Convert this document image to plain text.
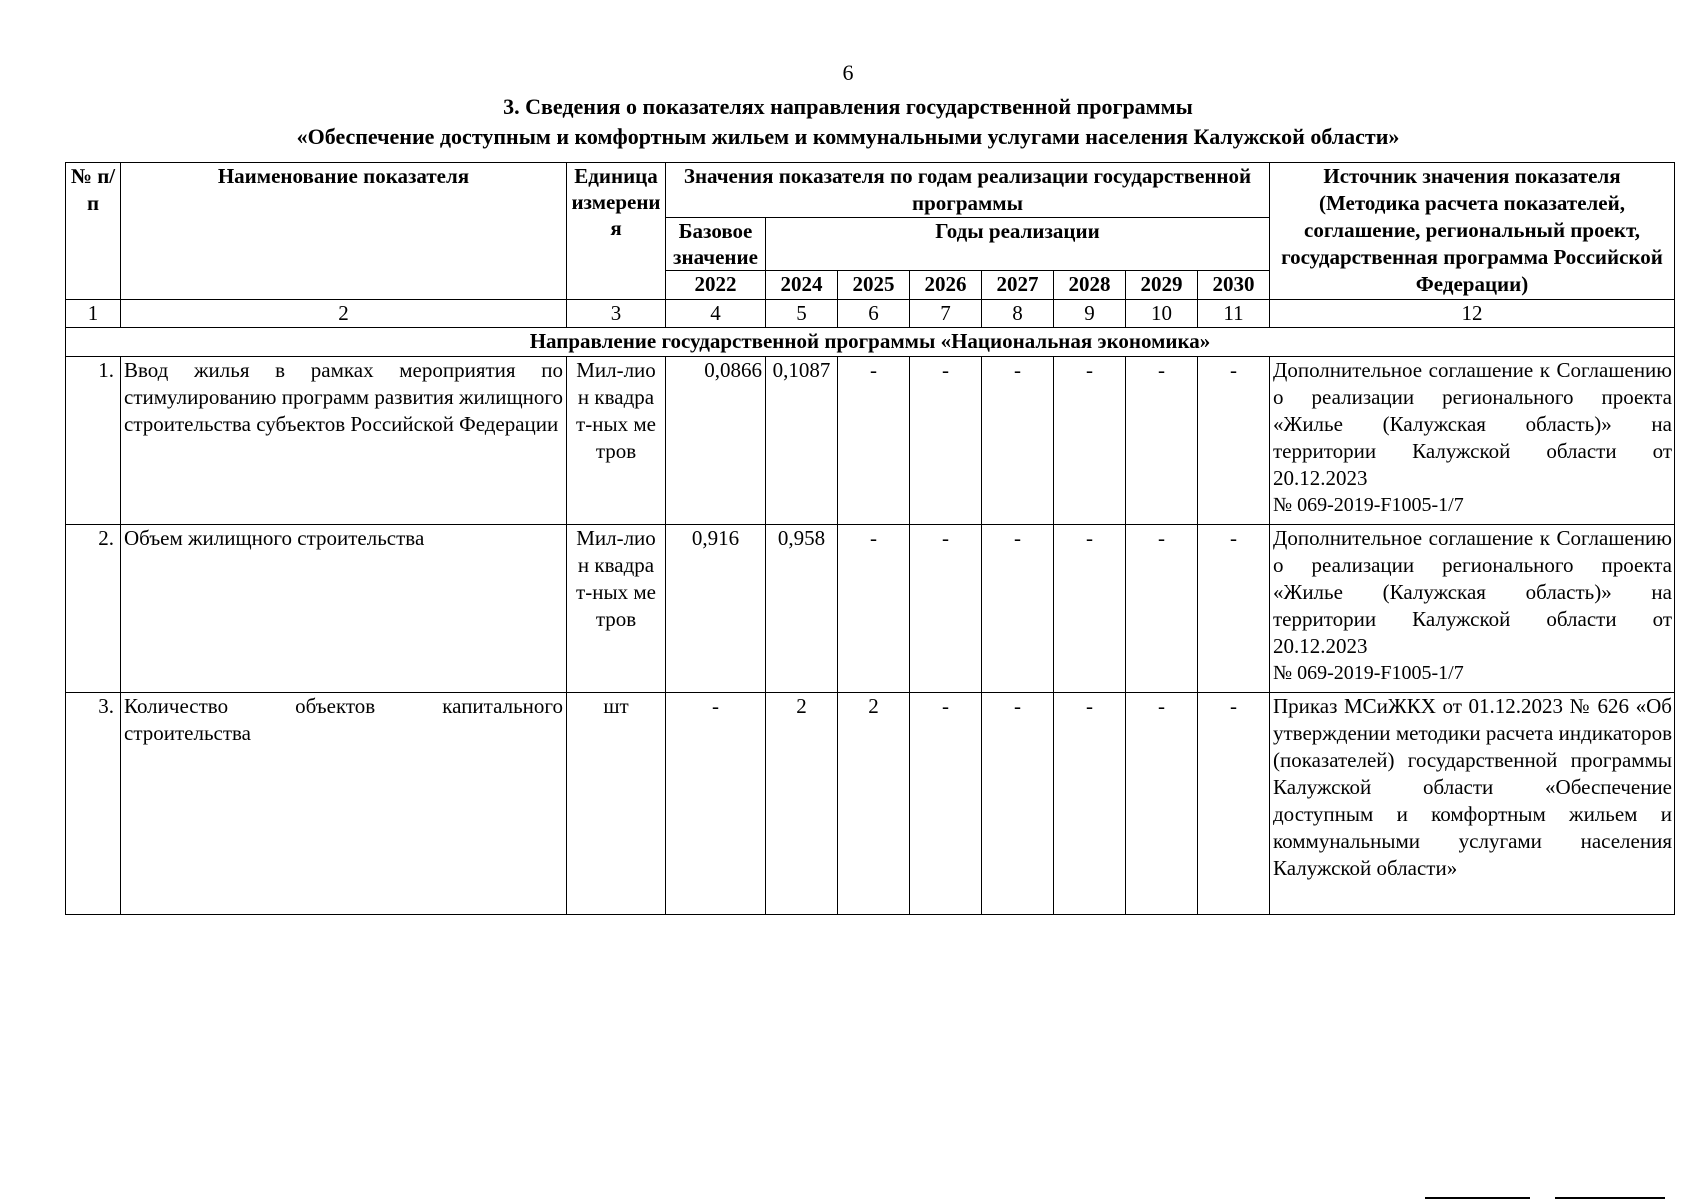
6
3. Сведения о показателях направления государственной программы
«Обеспечение доступным и комфортным жильем и коммунальными услугами населения Калужской области»
№ п/п	Наименование показателя	Единица измерения	Значения показателя по годам реализации государственной программы								Источник значения показателя (Методика расчета показателей, соглашение, региональный проект, государственная программа Российской Федерации)
			Базовое значение	Годы реализации							

			2022	2024	2025	2026	2027	2028	2029	2030	
1	2	3	4	5	6	7	8	9	10	11	12
Направление государственной программы «Национальная экономика»											
1.	Ввод жилья в рамках мероприятия по стимулированию программ развития жилищного строительства субъектов Российской Федерации	Мил-лион квадрат-ных метров	0,0866	0,1087	-	-	-	-	-	-	Дополнительное соглашение к Соглашению о реализации регионального проекта «Жилье (Калужская область)» на территории Калужской области от 20.12.2023
№ 069-2019-F1005-1/7

2.	Объем жилищного строительства	Мил-лион квадрат-ных метров	0,916	0,958	-	-	-	-	-	-	Дополнительное соглашение к Соглашению о реализации регионального проекта «Жилье (Калужская область)» на территории Калужской области от 20.12.2023
№ 069-2019-F1005-1/7

3.	Количество объектов капитального строительства	шт	-	2	2	-	-	-	-	-	Приказ МСиЖКХ от 01.12.2023 № 626 «Об утверждении методики расчета индикаторов (показателей) государственной программы Калужской области «Обеспечение доступным и комфортным жильем и коммунальными услугами населения Калужской области»
